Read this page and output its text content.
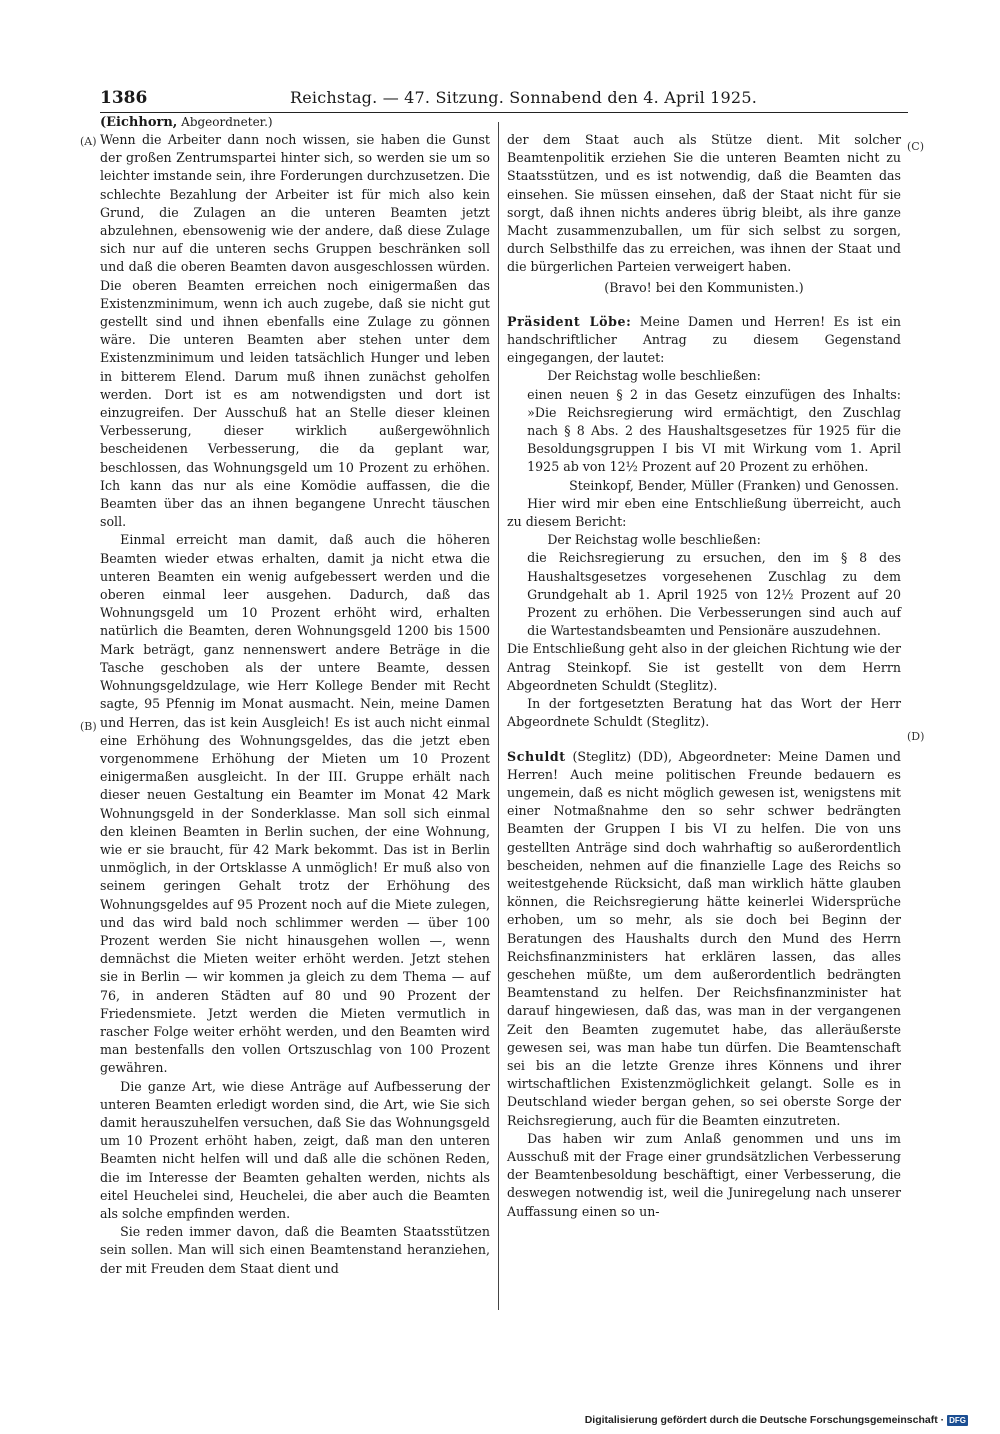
1386	Reichstag. — 47. Sitzung. Sonnabend den 4. April 1925.
(Eichhorn, Abgeordneter.)
(A)
(B)
(C)
(D)

Wenn die Arbeiter dann noch wissen, sie haben die Gunst der großen Zentrumspartei hinter sich, so werden sie um so leichter imstande sein, ihre Forderungen durchzusetzen. Die schlechte Bezahlung der Arbeiter ist für mich also kein Grund, die Zulagen an die unteren Beamten jetzt abzulehnen, ebensowenig wie der andere, daß diese Zulage sich nur auf die unteren sechs Gruppen beschränken soll und daß die oberen Beamten davon ausgeschlossen würden. Die oberen Beamten erreichen noch einigermaßen das Existenzminimum, wenn ich auch zugebe, daß sie nicht gut gestellt sind und ihnen ebenfalls eine Zulage zu gönnen wäre. Die unteren Beamten aber stehen unter dem Existenzminimum und leiden tatsächlich Hunger und leben in bitterem Elend. Darum muß ihnen zunächst geholfen werden. Dort ist es am notwendigsten und dort ist einzugreifen. Der Ausschuß hat an Stelle dieser kleinen Verbesserung, dieser wirklich außergewöhnlich bescheidenen Verbesserung, die da geplant war, beschlossen, das Wohnungsgeld um 10 Prozent zu erhöhen. Ich kann das nur als eine Komödie auffassen, die die Beamten über das an ihnen begangene Unrecht täuschen soll.

Einmal erreicht man damit, daß auch die höheren Beamten wieder etwas erhalten, damit ja nicht etwa die unteren Beamten ein wenig aufgebessert werden und die oberen einmal leer ausgehen. Dadurch, daß das Wohnungsgeld um 10 Prozent erhöht wird, erhalten natürlich die Beamten, deren Wohnungsgeld 1200 bis 1500 Mark beträgt, ganz nennenswert andere Beträge in die Tasche geschoben als der untere Beamte, dessen Wohnungsgeldzulage, wie Herr Kollege Bender mit Recht sagte, 95 Pfennig im Monat ausmacht. Nein, meine Damen und Herren, das ist kein Ausgleich! Es ist auch nicht einmal eine Erhöhung des Wohnungsgeldes, das die jetzt eben vorgenommene Erhöhung der Mieten um 10 Prozent einigermaßen ausgleicht. In der III. Gruppe erhält nach dieser neuen Gestaltung ein Beamter im Monat 42 Mark Wohnungsgeld in der Sonderklasse. Man soll sich einmal den kleinen Beamten in Berlin suchen, der eine Wohnung, wie er sie braucht, für 42 Mark bekommt. Das ist in Berlin unmöglich, in der Ortsklasse A unmöglich! Er muß also von seinem geringen Gehalt trotz der Erhöhung des Wohnungsgeldes auf 95 Prozent noch auf die Miete zulegen, und das wird bald noch schlimmer werden — über 100 Prozent werden Sie nicht hinausgehen wollen —, wenn demnächst die Mieten weiter erhöht werden. Jetzt stehen sie in Berlin — wir kommen ja gleich zu dem Thema — auf 76, in anderen Städten auf 80 und 90 Prozent der Friedensmiete. Jetzt werden die Mieten vermutlich in rascher Folge weiter erhöht werden, und den Beamten wird man bestenfalls den vollen Ortszuschlag von 100 Prozent gewähren.

Die ganze Art, wie diese Anträge auf Aufbesserung der unteren Beamten erledigt worden sind, die Art, wie Sie sich damit herauszuhelfen versuchen, daß Sie das Wohnungsgeld um 10 Prozent erhöht haben, zeigt, daß man den unteren Beamten nicht helfen will und daß alle die schönen Reden, die im Interesse der Beamten gehalten werden, nichts als eitel Heuchelei sind, Heuchelei, die aber auch die Beamten als solche empfinden werden.

Sie reden immer davon, daß die Beamten Staatsstützen sein sollen. Man will sich einen Beamtenstand heranziehen, der mit Freuden dem Staat dient und

der dem Staat auch als Stütze dient. Mit solcher Beamtenpolitik erziehen Sie die unteren Beamten nicht zu Staatsstützen, und es ist notwendig, daß die Beamten das einsehen. Sie müssen einsehen, daß der Staat nicht für sie sorgt, daß ihnen nichts anderes übrig bleibt, als ihre ganze Macht zusammenzuballen, um für sich selbst zu sorgen, durch Selbsthilfe das zu erreichen, was ihnen der Staat und die bürgerlichen Parteien verweigert haben.

(Bravo! bei den Kommunisten.)

Präsident Löbe: Meine Damen und Herren! Es ist ein handschriftlicher Antrag zu diesem Gegenstand eingegangen, der lautet:

Der Reichstag wolle beschließen:

einen neuen § 2 in das Gesetz einzufügen des Inhalts: »Die Reichsregierung wird ermächtigt, den Zuschlag nach § 8 Abs. 2 des Haushaltsgesetzes für 1925 für die Besoldungsgruppen I bis VI mit Wirkung vom 1. April 1925 ab von 12½ Prozent auf 20 Prozent zu erhöhen.

Steinkopf, Bender, Müller (Franken) und Genossen.

Hier wird mir eben eine Entschließung überreicht, auch zu diesem Bericht:

Der Reichstag wolle beschließen:

die Reichsregierung zu ersuchen, den im § 8 des Haushaltsgesetzes vorgesehenen Zuschlag zu dem Grundgehalt ab 1. April 1925 von 12½ Prozent auf 20 Prozent zu erhöhen. Die Verbesserungen sind auch auf die Wartestandsbeamten und Pensionäre auszudehnen.

Die Entschließung geht also in der gleichen Richtung wie der Antrag Steinkopf. Sie ist gestellt von dem Herrn Abgeordneten Schuldt (Steglitz).

In der fortgesetzten Beratung hat das Wort der Herr Abgeordnete Schuldt (Steglitz).

Schuldt (Steglitz) (DD), Abgeordneter: Meine Damen und Herren! Auch meine politischen Freunde bedauern es ungemein, daß es nicht möglich gewesen ist, wenigstens mit einer Notmaßnahme den so sehr schwer bedrängten Beamten der Gruppen I bis VI zu helfen. Die von uns gestellten Anträge sind doch wahrhaftig so außerordentlich bescheiden, nehmen auf die finanzielle Lage des Reichs so weitestgehende Rücksicht, daß man wirklich hätte glauben können, die Reichsregierung hätte keinerlei Widersprüche erhoben, um so mehr, als sie doch bei Beginn der Beratungen des Haushalts durch den Mund des Herrn Reichsfinanzministers hat erklären lassen, das alles geschehen müßte, um dem außerordentlich bedrängten Beamtenstand zu helfen. Der Reichsfinanzminister hat darauf hingewiesen, daß das, was man in der vergangenen Zeit den Beamten zugemutet habe, das alleräußerste gewesen sei, was man habe tun dürfen. Die Beamtenschaft sei bis an die letzte Grenze ihres Könnens und ihrer wirtschaftlichen Existenzmöglichkeit gelangt. Solle es in Deutschland wieder bergan gehen, so sei oberste Sorge der Reichsregierung, auch für die Beamten einzutreten.

Das haben wir zum Anlaß genommen und uns im Ausschuß mit der Frage einer grundsätzlichen Verbesserung der Beamtenbesoldung beschäftigt, einer Verbesserung, die deswegen notwendig ist, weil die Juniregelung nach unserer Auffassung einen so un-

Digitalisierung gefördert durch die Deutsche Forschungsgemeinschaft · DFG
